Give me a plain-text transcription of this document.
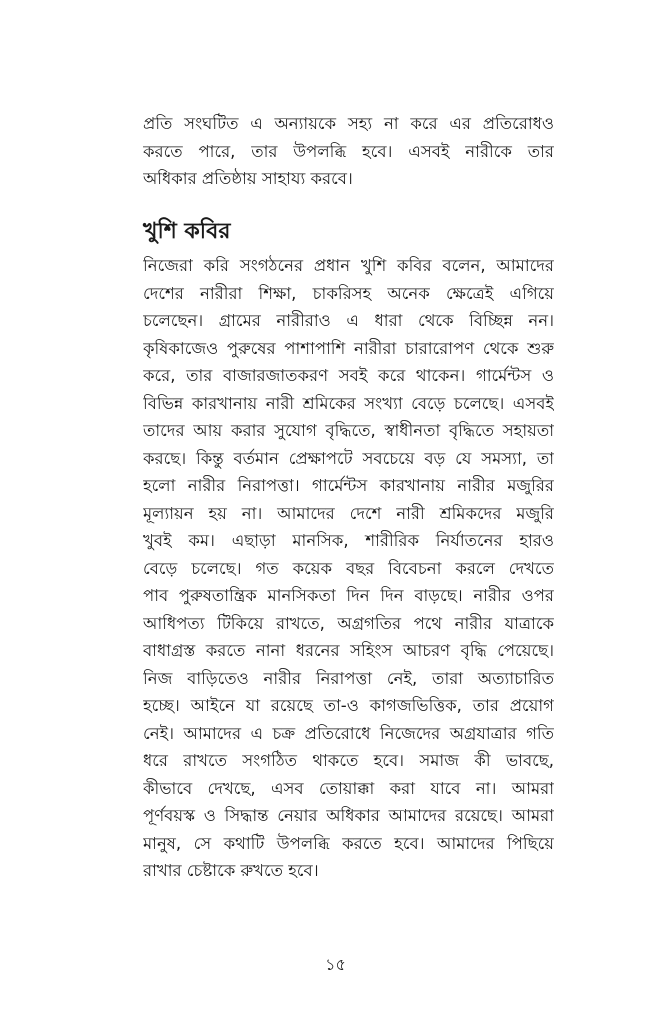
প্রতি সংঘটিত এ অন্যায়কে সহ্য না করে এর প্রতিরোধও
করতে পারে, তার উপলব্ধি হবে। এসবই নারীকে তার
অধিকার প্রতিষ্ঠায় সাহায্য করবে।
খুশি কবির
নিজেরা করি সংগঠনের প্রধান খুশি কবির বলেন, আমাদের
দেশের নারীরা শিক্ষা, চাকরিসহ অনেক ক্ষেত্রেই এগিয়ে
চলেছেন। গ্রামের নারীরাও এ ধারা থেকে বিচ্ছিন্ন নন।
কৃষিকাজেও পুরুষের পাশাপাশি নারীরা চারারোপণ থেকে শুরু
করে, তার বাজারজাতকরণ সবই করে থাকেন। গার্মেন্টস ও
বিভিন্ন কারখানায় নারী শ্রমিকের সংখ্যা বেড়ে চলেছে। এসবই
তাদের আয় করার সুযোগ বৃদ্ধিতে, স্বাধীনতা বৃদ্ধিতে সহায়তা
করছে। কিন্তু বর্তমান প্রেক্ষাপটে সবচেয়ে বড় যে সমস্যা, তা
হলো নারীর নিরাপত্তা। গার্মেন্টস কারখানায় নারীর মজুরির
মূল্যায়ন হয় না। আমাদের দেশে নারী শ্রমিকদের মজুরি
খুবই কম। এছাড়া মানসিক, শারীরিক নির্যাতনের হারও
বেড়ে চলেছে। গত কয়েক বছর বিবেচনা করলে দেখতে
পাব পুরুষতান্ত্রিক মানসিকতা দিন দিন বাড়ছে। নারীর ওপর
আধিপত্য টিকিয়ে রাখতে, অগ্রগতির পথে নারীর যাত্রাকে
বাধাগ্রস্ত করতে নানা ধরনের সহিংস আচরণ বৃদ্ধি পেয়েছে।
নিজ বাড়িতেও নারীর নিরাপত্তা নেই, তারা অত্যাচারিত
হচ্ছে। আইনে যা রয়েছে তা-ও কাগজভিত্তিক, তার প্রয়োগ
নেই। আমাদের এ চক্র প্রতিরোধে নিজেদের অগ্রযাত্রার গতি
ধরে রাখতে সংগঠিত থাকতে হবে। সমাজ কী ভাবছে,
কীভাবে দেখছে, এসব তোয়াক্কা করা যাবে না। আমরা
পূর্ণবয়স্ক ও সিদ্ধান্ত নেয়ার অধিকার আমাদের রয়েছে। আমরা
মানুষ, সে কথাটি উপলব্ধি করতে হবে। আমাদের পিছিয়ে
রাখার চেষ্টাকে রুখতে হবে।
১৫
